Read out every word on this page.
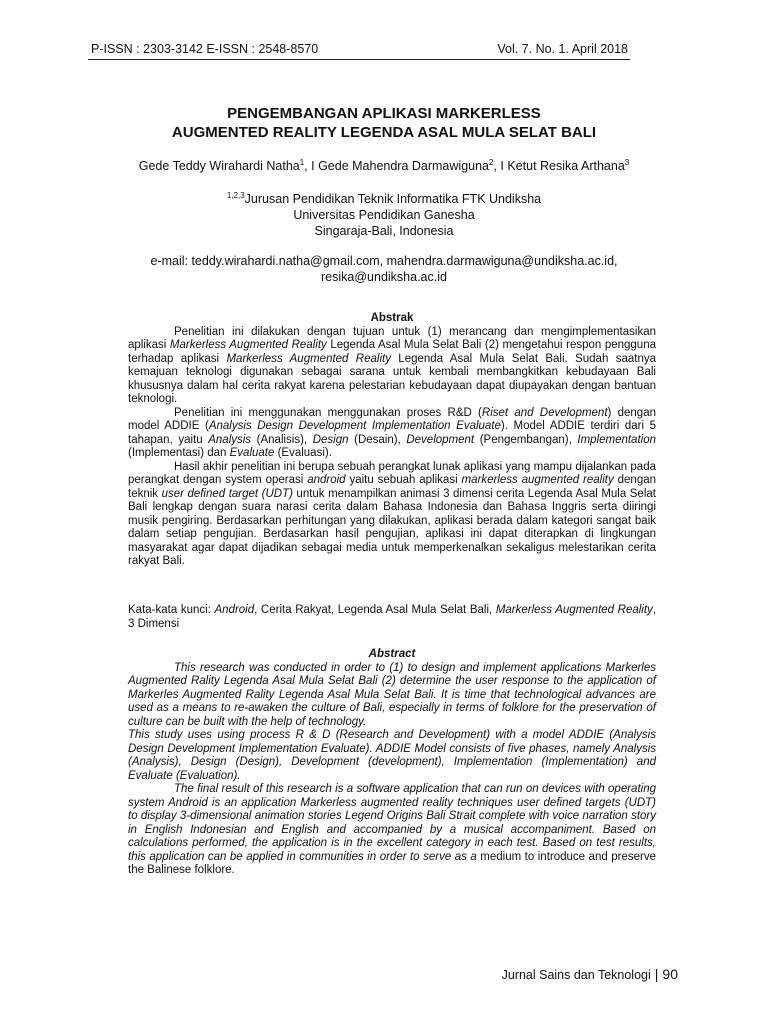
P-ISSN : 2303-3142 E-ISSN : 2548-8570	Vol. 7. No. 1. April 2018
PENGEMBANGAN APLIKASI MARKERLESS
AUGMENTED REALITY LEGENDA ASAL MULA SELAT BALI
Gede Teddy Wirahardi Natha$^1$, I Gede Mahendra Darmawiguna$^2$, I Ketut Resika Arthana$^3$
$^{1,2,3}$Jurusan Pendidikan Teknik Informatika FTK Undiksha
Universitas Pendidikan Ganesha
Singaraja-Bali, Indonesia
e-mail: teddy.wirahardi.natha@gmail.com, mahendra.darmawiguna@undiksha.ac.id,
resika@undiksha.ac.id

Abstrak

Penelitian ini dilakukan dengan tujuan untuk (1) merancang dan mengimplementasikan aplikasi Markerless Augmented Reality Legenda Asal Mula Selat Bali (2) mengetahui respon pengguna terhadap aplikasi Markerless Augmented Reality Legenda Asal Mula Selat Bali. Sudah saatnya kemajuan teknologi digunakan sebagai sarana untuk kembali membangkitkan kebudayaan Bali khususnya dalam hal cerita rakyat karena pelestarian kebudayaan dapat diupayakan dengan bantuan teknologi.

Penelitian ini menggunakan menggunakan proses R&D (Riset and Development) dengan model ADDIE (Analysis Design Development Implementation Evaluate). Model ADDIE terdiri dari 5 tahapan, yaitu Analysis (Analisis), Design (Desain), Development (Pengembangan), Implementation (Implementasi) dan Evaluate (Evaluasi).

Hasil akhir penelitian ini berupa sebuah perangkat lunak aplikasi yang mampu dijalankan pada perangkat dengan system operasi android yaitu sebuah aplikasi markerless augmented reality dengan teknik user defined target (UDT) untuk menampilkan animasi 3 dimensi cerita Legenda Asal Mula Selat Bali lengkap dengan suara narasi cerita dalam Bahasa Indonesia dan Bahasa Inggris serta diiringi musik pengiring. Berdasarkan perhitungan yang dilakukan, aplikasi berada dalam kategori sangat baik dalam setiap pengujian. Berdasarkan hasil pengujian, aplikasi ini dapat diterapkan di lingkungan masyarakat agar dapat dijadikan sebagai media untuk memperkenalkan sekaligus melestarikan cerita rakyat Bali.

Kata-kata kunci: Android, Cerita Rakyat, Legenda Asal Mula Selat Bali, Markerless Augmented Reality, 3 Dimensi

Abstract

This research was conducted in order to (1) to design and implement applications Markerles Augmented Rality Legenda Asal Mula Selat Bali (2) determine the user response to the application of Markerles Augmented Rality Legenda Asal Mula Selat Bali. It is time that technological advances are used as a means to re-awaken the culture of Bali, especially in terms of folklore for the preservation of culture can be built with the help of technology.

This study uses using process R & D (Research and Development) with a model ADDIE (Analysis Design Development Implementation Evaluate). ADDIE Model consists of five phases, namely Analysis (Analysis), Design (Design), Development (development), Implementation (Implementation) and Evaluate (Evaluation).

The final result of this research is a software application that can run on devices with operating system Android is an application Markerless augmented reality techniques user defined targets (UDT) to display 3-dimensional animation stories Legend Origins Bali Strait complete with voice narration story in English Indonesian and English and accompanied by a musical accompaniment. Based on calculations performed, the application is in the excellent category in each test. Based on test results, this application can be applied in communities in order to serve as a medium to introduce and preserve the Balinese folklore.

Jurnal Sains dan Teknologi | 90
